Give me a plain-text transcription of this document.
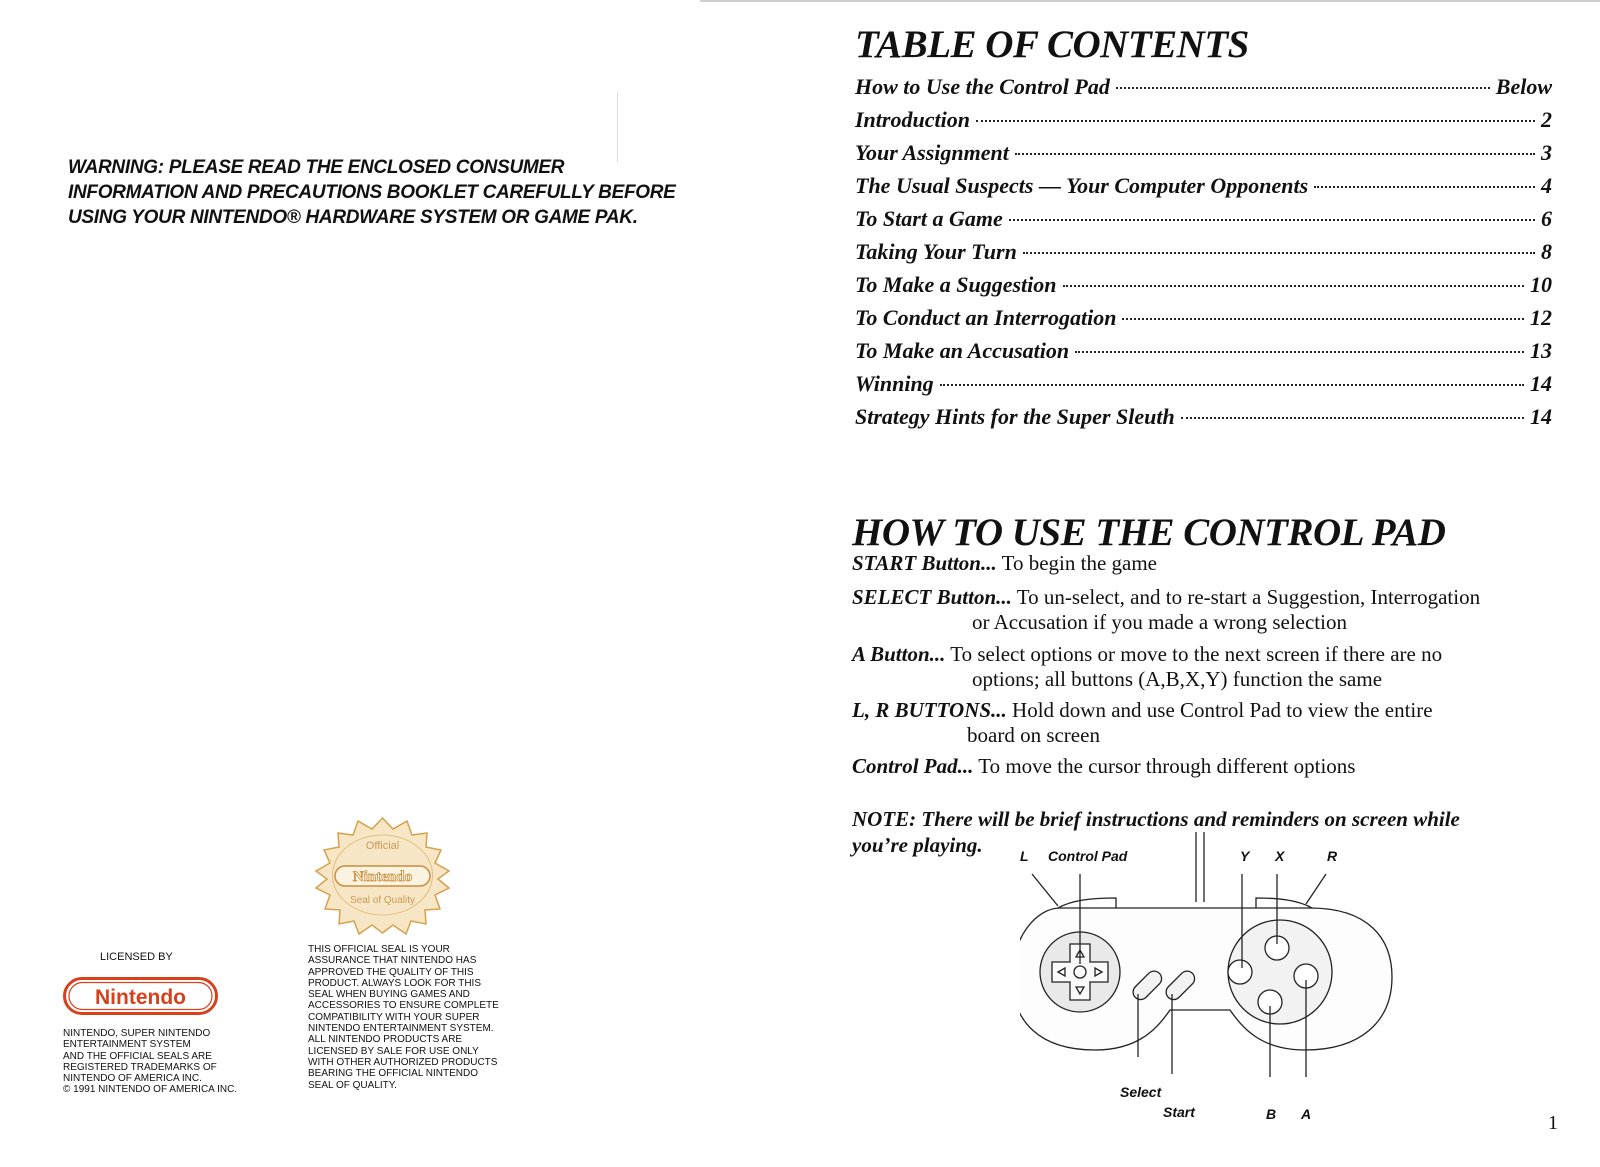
WARNING: PLEASE READ THE ENCLOSED CONSUMER
INFORMATION AND PRECAUTIONS BOOKLET CAREFULLY BEFORE
USING YOUR NINTENDO® HARDWARE SYSTEM OR GAME PAK.
Official
Nintendo
Seal of Quality
LICENSED BY
Nintendo
NINTENDO, SUPER NINTENDO
ENTERTAINMENT SYSTEM
AND THE OFFICIAL SEALS ARE
REGISTERED TRADEMARKS OF
NINTENDO OF AMERICA INC.
© 1991 NINTENDO OF AMERICA INC.
THIS OFFICIAL SEAL IS YOUR
ASSURANCE THAT NINTENDO HAS
APPROVED THE QUALITY OF THIS
PRODUCT. ALWAYS LOOK FOR THIS
SEAL WHEN BUYING GAMES AND
ACCESSORIES TO ENSURE COMPLETE
COMPATIBILITY WITH YOUR SUPER
NINTENDO ENTERTAINMENT SYSTEM.
ALL NINTENDO PRODUCTS ARE
LICENSED BY SALE FOR USE ONLY
WITH OTHER AUTHORIZED PRODUCTS
BEARING THE OFFICIAL NINTENDO
SEAL OF QUALITY.
TABLE OF CONTENTS
How to Use the Control Pad	Below
Introduction	2
Your Assignment	3
The Usual Suspects — Your Computer Opponents	4
To Start a Game	6
Taking Your Turn	8
To Make a Suggestion	10
To Conduct an Interrogation	12
To Make an Accusation	13
Winning	14
Strategy Hints for the Super Sleuth	14
HOW TO USE THE CONTROL PAD
START Button... To begin the game
SELECT Button... To un-select, and to re-start a Suggestion, Interrogation
or Accusation if you made a wrong selection
A Button... To select options or move to the next screen if there are no
options; all buttons (A,B,X,Y) function the same
L, R BUTTONS... Hold down and use Control Pad to view the entire
board on screen
Control Pad... To move the cursor through different options
NOTE: There will be brief instructions and reminders on screen while
you’re playing.	L Control Pad	Y X	R
Select
Start	B A	1
